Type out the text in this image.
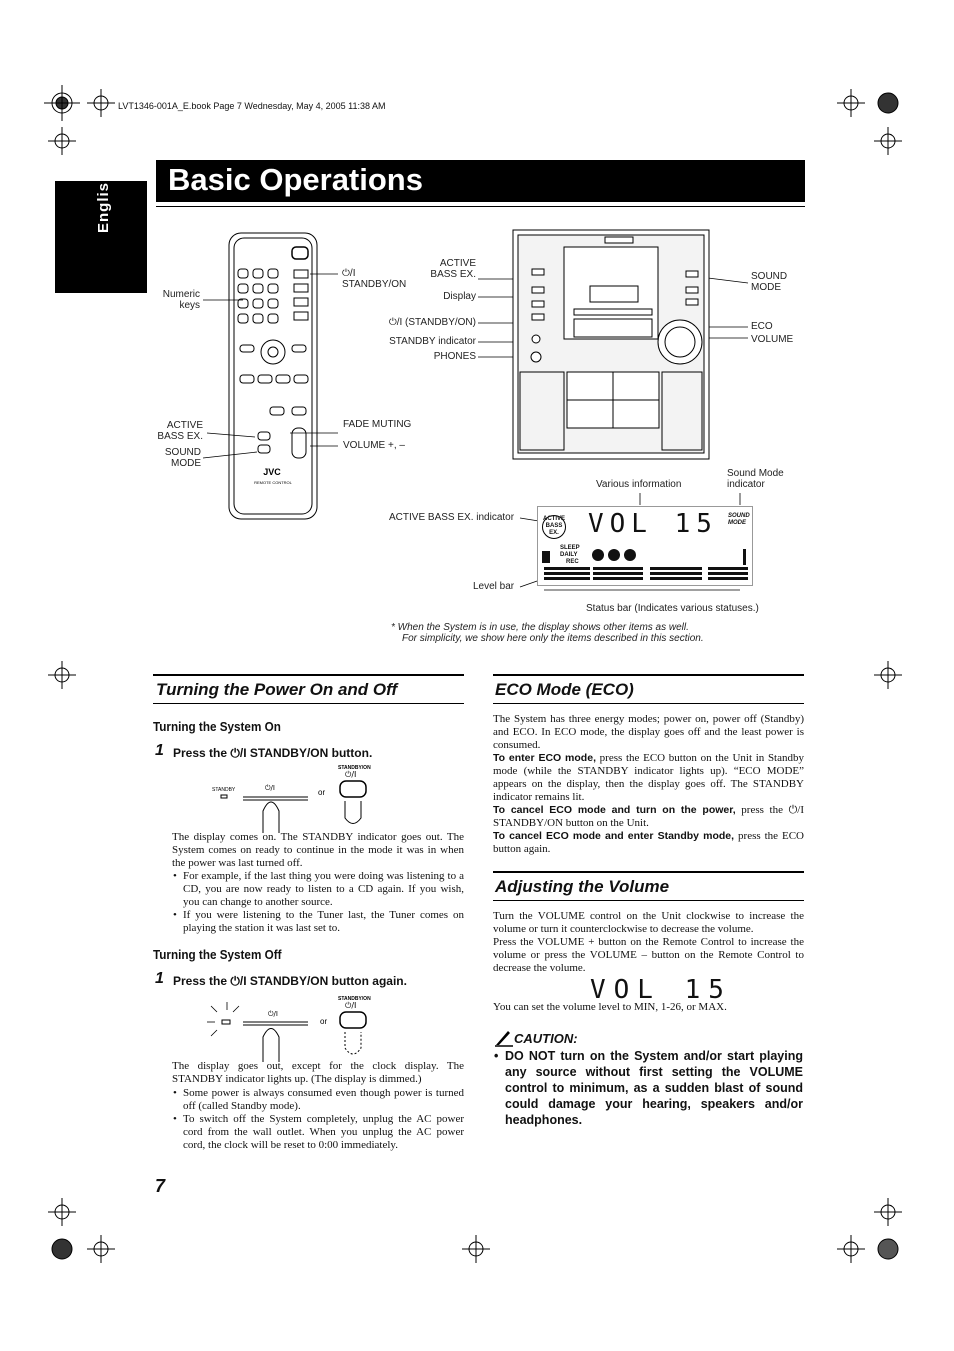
LVT1346-001A_E.book Page 7 Wednesday, May 4, 2005 11:38 AM
English Basic Operations
JVC
REMOTE CONTROL
Numeric keys
⏻/I STANDBY/ON
ACTIVE BASS EX.
SOUND MODE
FADE MUTING
VOLUME +, –
ACTIVE BASS EX.
Display
⏻/I (STANDBY/ON)
STANDBY indicator
PHONES
SOUND MODE
ECO
VOLUME
Various information
Sound Mode indicator
ACTIVE BASS EX. indicator
Level bar
Status bar (Indicates various statuses.)
ACTIVE BASS EX. VOL 15 SOUND MODE
SLEEP
DAILY
REC
* When the System is in use, the display shows other items as well.
For simplicity, we show here only the items described in this section.
Turning the Power On and Off
Turning the System On
1 Press the ⏻/I STANDBY/ON button.
STANDBY	⏻/I	or
STANDBY/ON
⏻/I
The display comes on. The STANDBY indicator goes out. The System comes on ready to continue in the mode it was in when the power was last turned off.
• For example, if the last thing you were doing was listening to a CD, you are now ready to listen to a CD again. If you wish, you can change to another source.
• If you were listening to the Tuner last, the Tuner comes on playing the station it was last set to.
Turning the System Off
1 Press the ⏻/I STANDBY/ON button again.
⏻/I
or
STANDBY/ON
⏻/I
The display goes out, except for the clock display. The STANDBY indicator lights up. (The display is dimmed.)
• Some power is always consumed even though power is turned off (called Standby mode).
• To switch off the System completely, unplug the AC power cord from the wall outlet. When you unplug the AC power cord, the clock will be reset to 0:00 immediately.
ECO Mode (ECO)
The System has three energy modes; power on, power off (Standby) and ECO. In ECO mode, the display goes off and the least power is consumed.
To enter ECO mode, press the ECO button on the Unit in Standby mode (while the STANDBY indicator lights up). “ECO MODE” appears on the display, then the display goes off. The STANDBY indicator remains lit.
To cancel ECO mode and turn on the power, press the ⏻/I STANDBY/ON button on the Unit.
To cancel ECO mode and enter Standby mode, press the ECO button again.
Adjusting the Volume
Turn the VOLUME control on the Unit clockwise to increase the volume or turn it counterclockwise to decrease the volume.
Press the VOLUME + button on the Remote Control to increase the volume or press the VOLUME – button on the Remote Control to decrease the volume.
VOL 15
You can set the volume level to MIN, 1-26, or MAX.
CAUTION:
• DO NOT turn on the System and/or start playing any source without first setting the VOLUME control to minimum, as a sudden blast of sound could damage your hearing, speakers and/or headphones.
7
